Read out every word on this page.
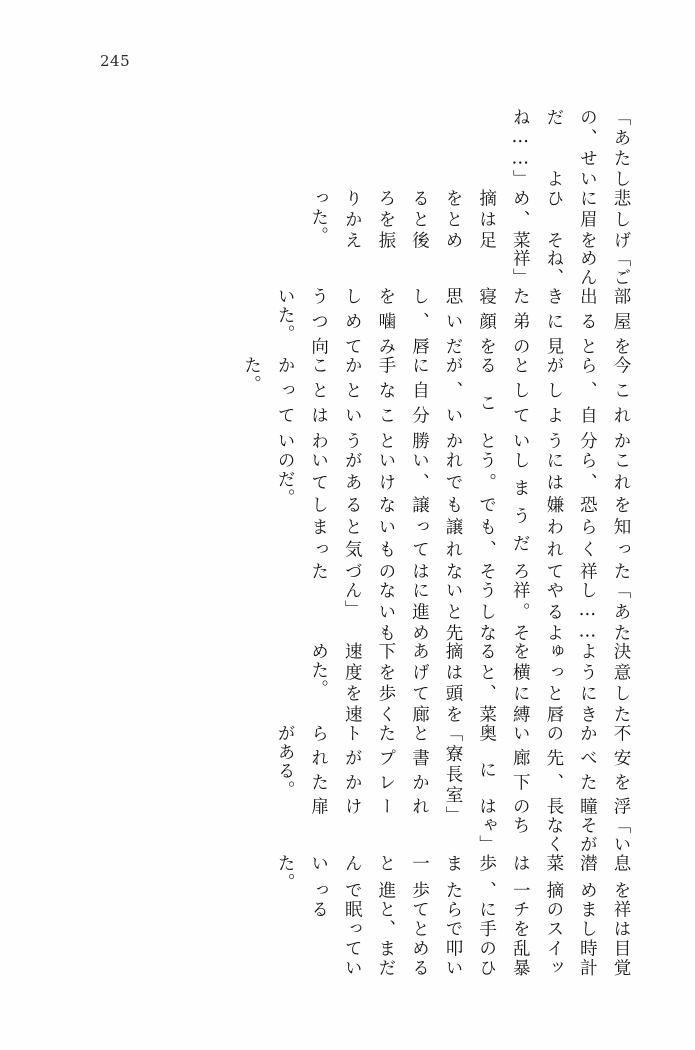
245

「あたしの、せいだよね……」

悲しげに眉をひそめ、菜摘は足をとめると後ろを振りかえった。

「ごめんね、祥」

部屋を出るときに見た弟の寝顔を思いだし、唇を噛みしめてうつ向いた。

今これから、自分がしようとしていることが、いかに自分勝手なことかということはわかっていた。

これを知ったら、恐らく祥には嫌われてしまうだろう。でも、それでも譲れない、譲ってはいけないものがあると気づいてしまったのだ。

「あたし……やるよ祥。そうしないと先に進めないもん」

決意したようにきゅっと唇を横に縛ると、菜摘は頭をあげて廊下を歩く速度を速めた。

不安を浮かべた瞳の先、長い廊下の奥には「寮長室」と書かれたプレートがかけられた扉がある。

「いそがなくちゃ」

息を潜め菜摘は一歩、また一歩と進んでいった。

祥は目覚まし時計のスイッチを乱暴に手のひらで叩いてとめると、まだ眠っている
